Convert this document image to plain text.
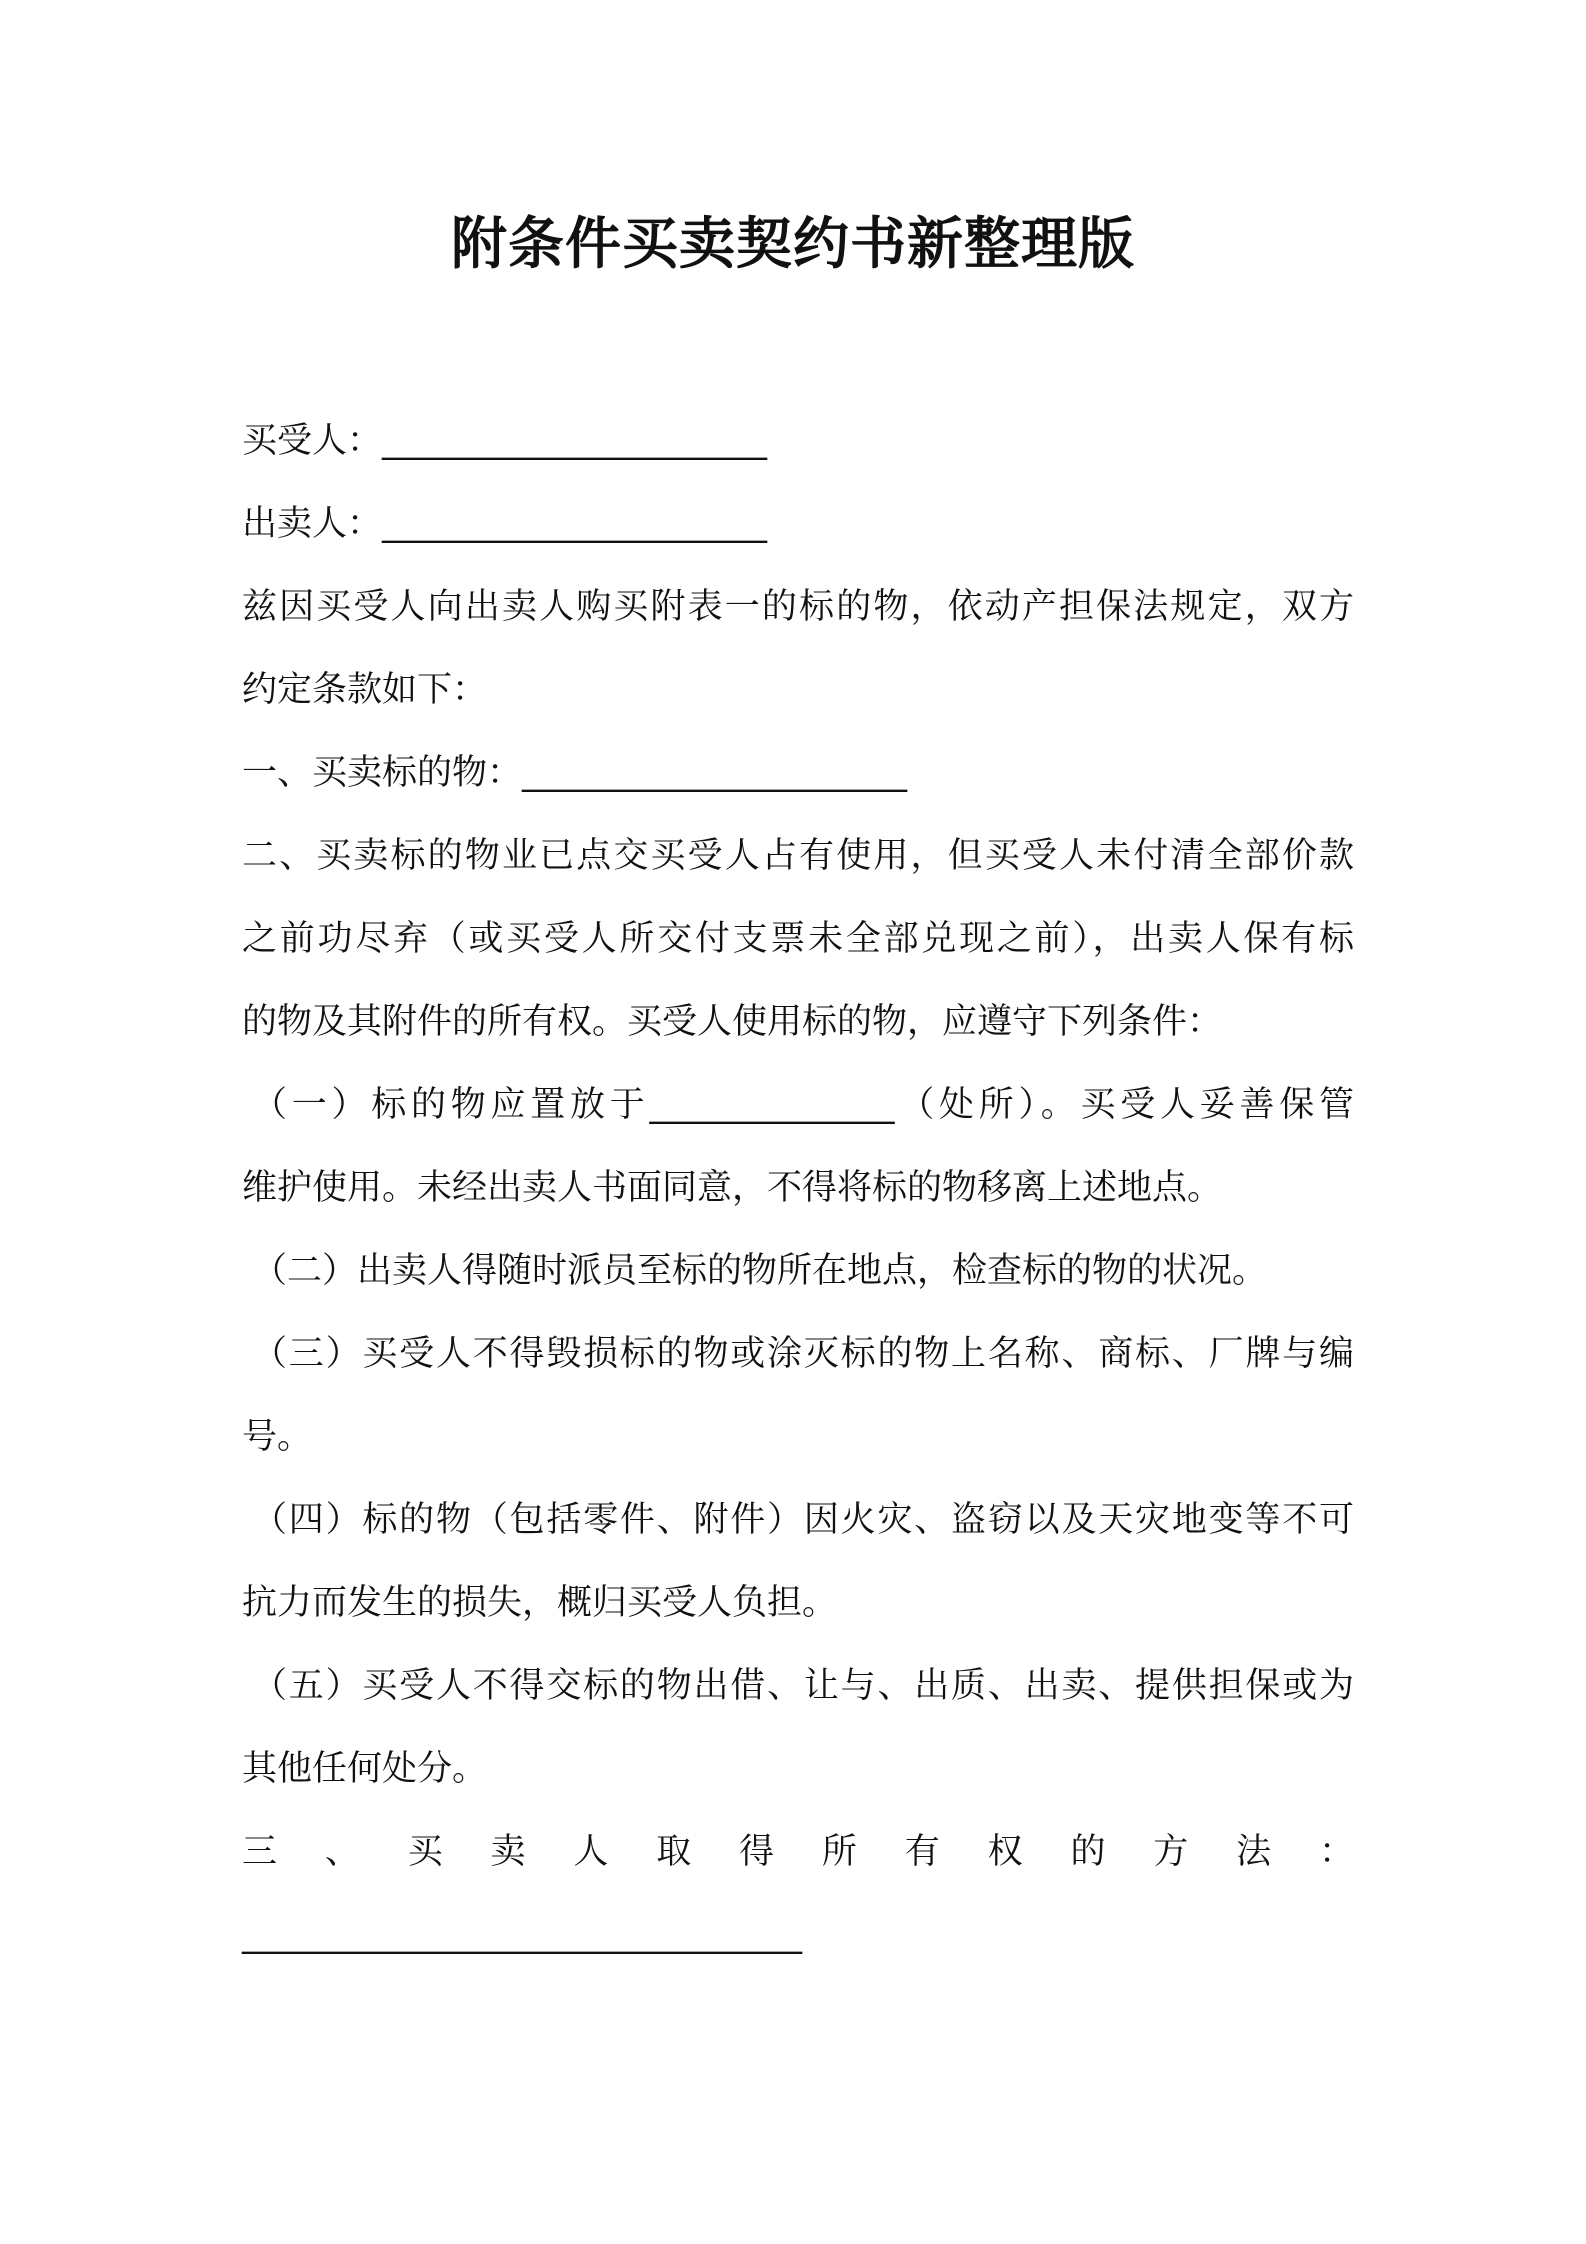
附条件买卖契约书新整理版
买受人：______________________
出卖人：______________________
兹因买受人向出卖人购买附表一的标的物，依动产担保法规定，双方
约定条款如下：
一、买卖标的物：______________________
二、买卖标的物业已点交买受人占有使用，但买受人未付清全部价款
之前功尽弃（或买受人所交付支票未全部兑现之前），出卖人保有标
的物及其附件的所有权。买受人使用标的物，应遵守下列条件：
（一）标的物应置放于______________（处所）。买受人妥善保管
维护使用。未经出卖人书面同意，不得将标的物移离上述地点。
（二）出卖人得随时派员至标的物所在地点，检查标的物的状况。
（三）买受人不得毁损标的物或涂灭标的物上名称、商标、厂牌与编
号。
（四）标的物（包括零件、附件）因火灾、盗窃以及天灾地变等不可
抗力而发生的损失，概归买受人负担。
（五）买受人不得交标的物出借、让与、出质、出卖、提供担保或为
其他任何处分。
三 、 买 卖 人 取 得 所 有 权 的 方 法 ：
________________________________
